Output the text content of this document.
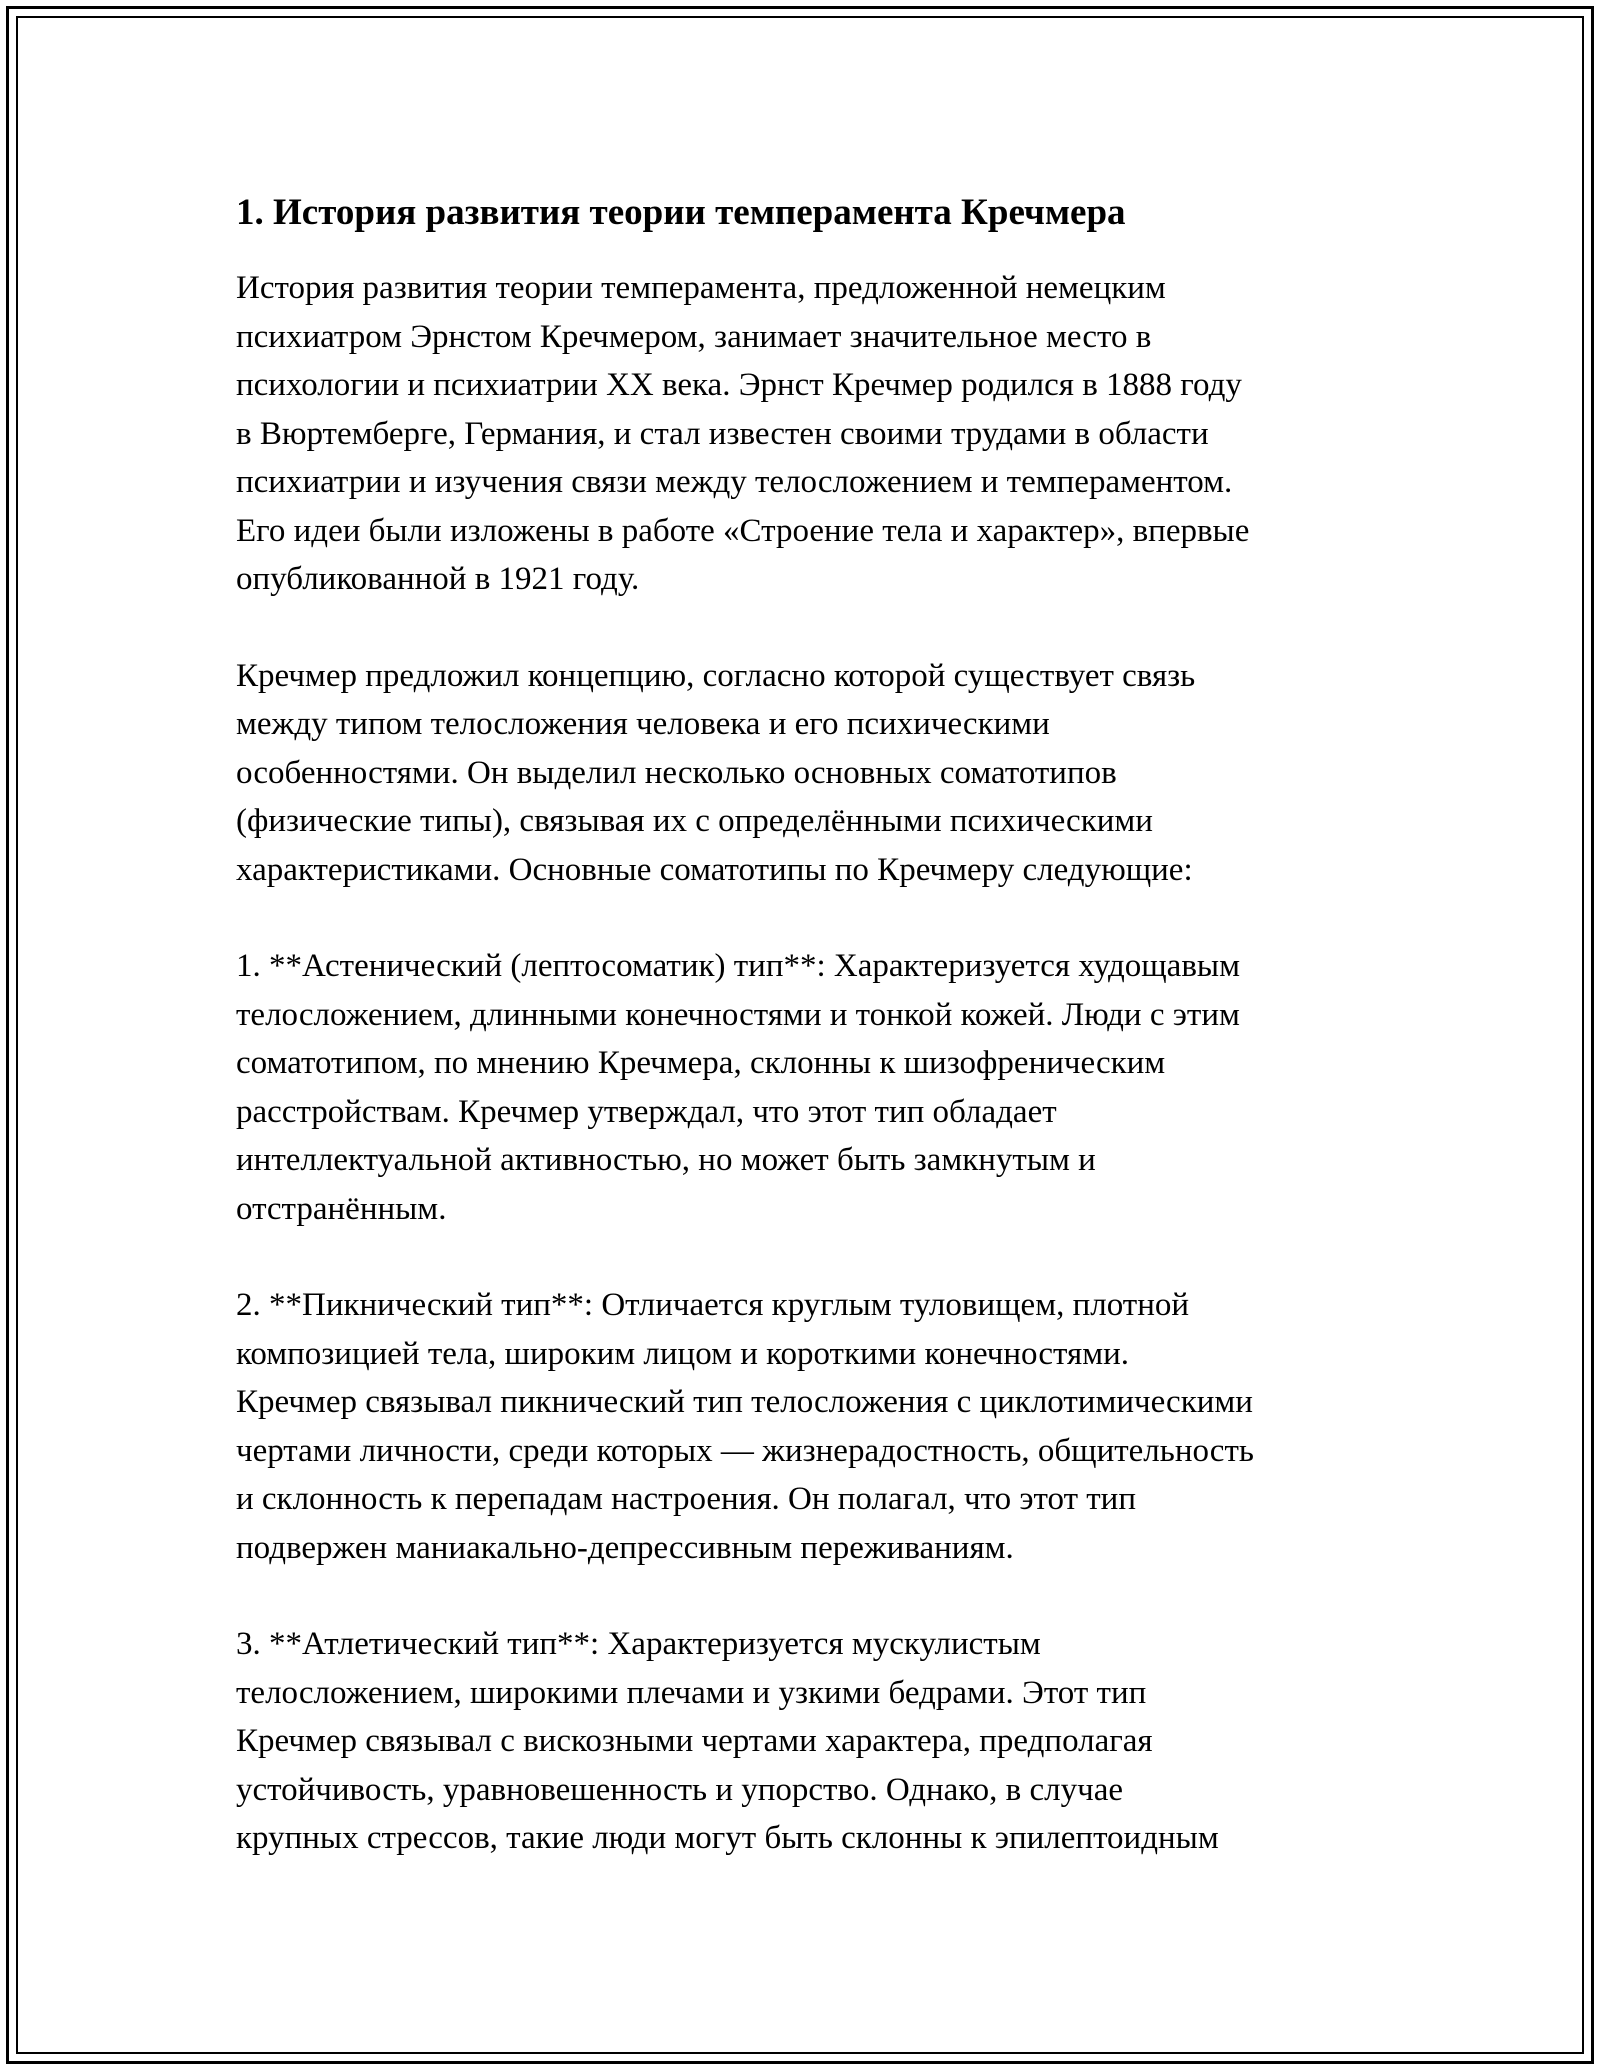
1. История развития теории темперамента Кречмера
История развития теории темперамента, предложенной немецким
психиатром Эрнстом Кречмером, занимает значительное место в
психологии и психиатрии XX века. Эрнст Кречмер родился в 1888 году
в Вюртемберге, Германия, и стал известен своими трудами в области
психиатрии и изучения связи между телосложением и темпераментом.
Его идеи были изложены в работе «Строение тела и характер», впервые
опубликованной в 1921 году.
Кречмер предложил концепцию, согласно которой существует связь
между типом телосложения человека и его психическими
особенностями. Он выделил несколько основных соматотипов
(физические типы), связывая их с определёнными психическими
характеристиками. Основные соматотипы по Кречмеру следующие:
1. **Астенический (лептосоматик) тип**: Характеризуется худощавым
телосложением, длинными конечностями и тонкой кожей. Люди с этим
соматотипом, по мнению Кречмера, склонны к шизофреническим
расстройствам. Кречмер утверждал, что этот тип обладает
интеллектуальной активностью, но может быть замкнутым и
отстранённым.
2. **Пикнический тип**: Отличается круглым туловищем, плотной
композицией тела, широким лицом и короткими конечностями.
Кречмер связывал пикнический тип телосложения с циклотимическими
чертами личности, среди которых — жизнерадостность, общительность
и склонность к перепадам настроения. Он полагал, что этот тип
подвержен маниакально-депрессивным переживаниям.
3. **Атлетический тип**: Характеризуется мускулистым
телосложением, широкими плечами и узкими бедрами. Этот тип
Кречмер связывал с вискозными чертами характера, предполагая
устойчивость, уравновешенность и упорство. Однако, в случае
крупных стрессов, такие люди могут быть склонны к эпилептоидным
